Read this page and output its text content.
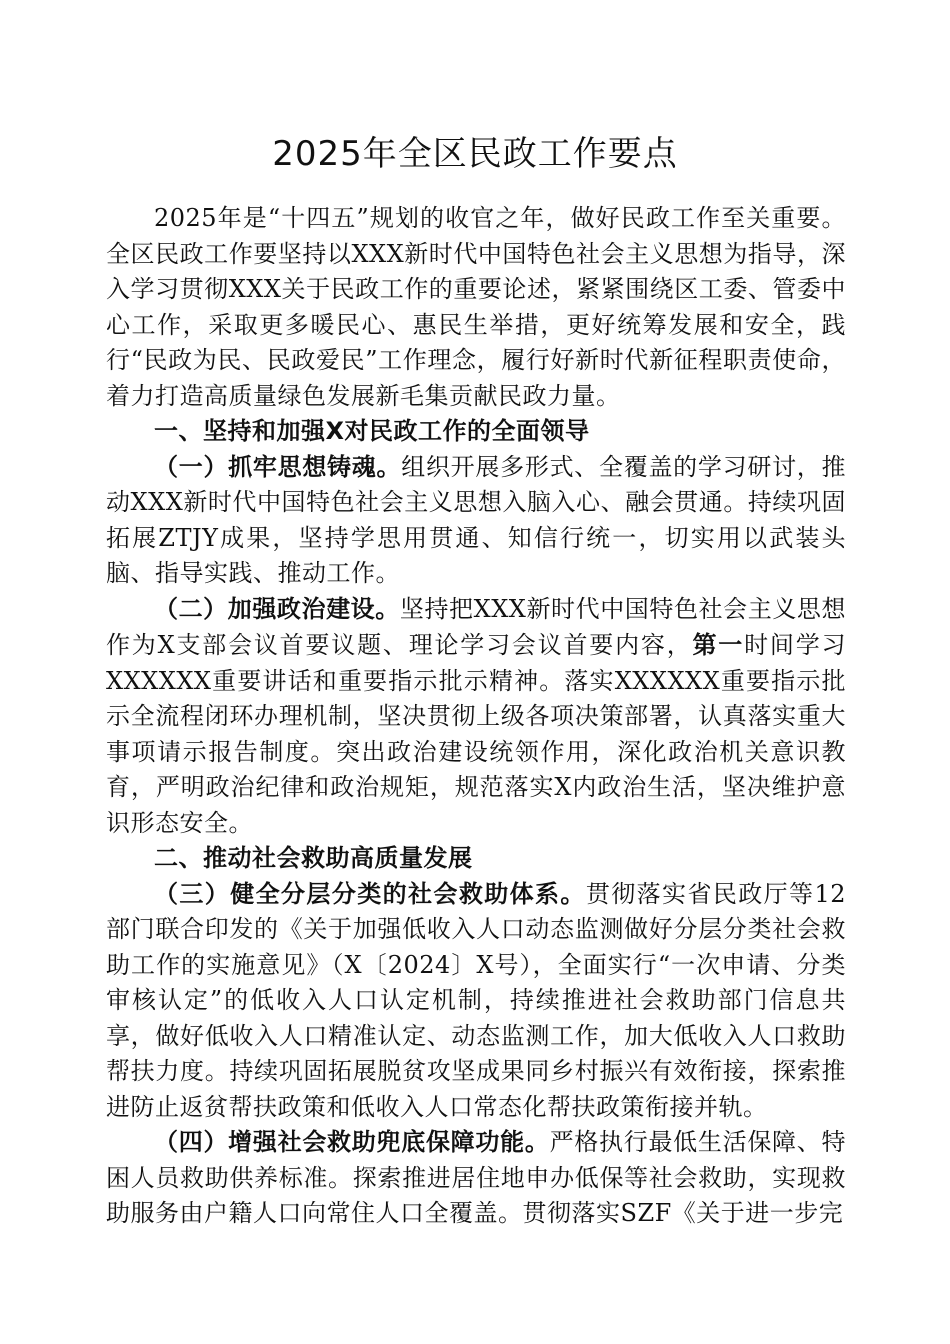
2025年全区民政工作要点

2025年是“十四五”规划的收官之年，做好民政工作至关重要。全区民政工作要坚持以XXX新时代中国特色社会主义思想为指导，深入学习贯彻XXX关于民政工作的重要论述，紧紧围绕区工委、管委中心工作，采取更多暖民心、惠民生举措，更好统筹发展和安全，践行“民政为民、民政爱民”工作理念，履行好新时代新征程职责使命，着力打造高质量绿色发展新毛集贡献民政力量。

一、坚持和加强X对民政工作的全面领导

（一）抓牢思想铸魂。组织开展多形式、全覆盖的学习研讨，推动XXX新时代中国特色社会主义思想入脑入心、融会贯通。持续巩固拓展ZTJY成果，坚持学思用贯通、知信行统一，切实用以武装头脑、指导实践、推动工作。

（二）加强政治建设。坚持把XXX新时代中国特色社会主义思想作为X支部会议首要议题、理论学习会议首要内容，第一时间学习XXXXXX重要讲话和重要指示批示精神。落实XXXXXX重要指示批示全流程闭环办理机制，坚决贯彻上级各项决策部署，认真落实重大事项请示报告制度。突出政治建设统领作用，深化政治机关意识教育，严明政治纪律和政治规矩，规范落实X内政治生活，坚决维护意识形态安全。

二、推动社会救助高质量发展

（三）健全分层分类的社会救助体系。贯彻落实省民政厅等12部门联合印发的《关于加强低收入人口动态监测做好分层分类社会救助工作的实施意见》（X〔2024〕X号），全面实行“一次申请、分类审核认定”的低收入人口认定机制，持续推进社会救助部门信息共享，做好低收入人口精准认定、动态监测工作，加大低收入人口救助帮扶力度。持续巩固拓展脱贫攻坚成果同乡村振兴有效衔接，探索推进防止返贫帮扶政策和低收入人口常态化帮扶政策衔接并轨。

（四）增强社会救助兜底保障功能。严格执行最低生活保障、特困人员救助供养标准。探索推进居住地申办低保等社会救助，实现救助服务由户籍人口向常住人口全覆盖。贯彻落实SZF《关于进一步完
